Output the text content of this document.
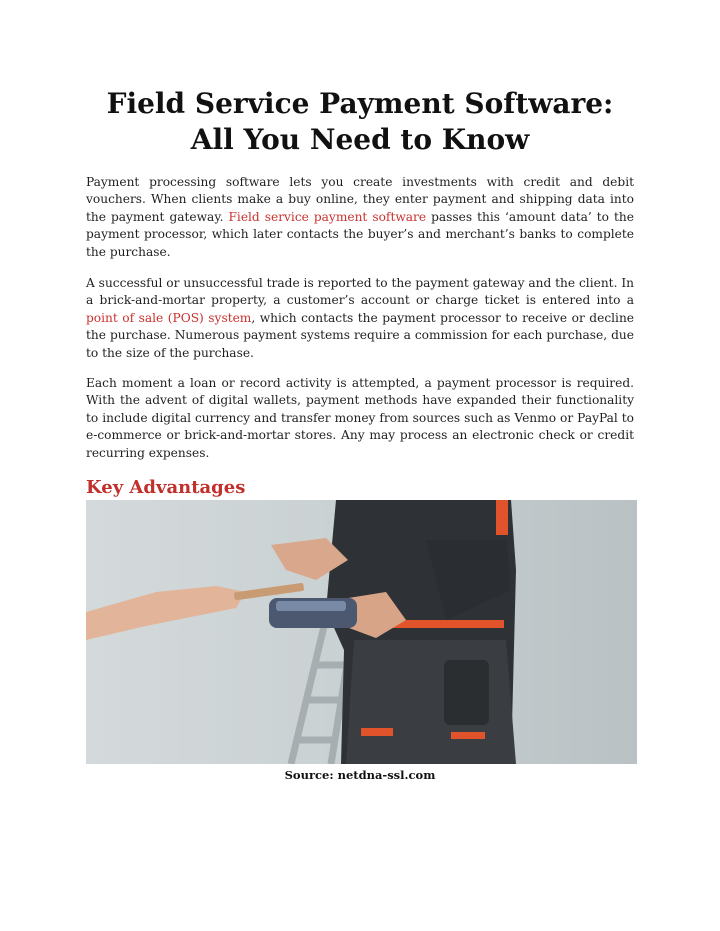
Field Service Payment Software:
All You Need to Know
Payment processing software lets you create investments with credit and debit vouchers. When clients make a buy online, they enter payment and shipping data into the payment gateway. Field service payment software passes this ‘amount data’ to the payment processor, which later contacts the buyer’s and merchant’s banks to complete the purchase.
A successful or unsuccessful trade is reported to the payment gateway and the client. In a brick-and-mortar property, a customer’s account or charge ticket is entered into a point of sale (POS) system, which contacts the payment processor to receive or decline the purchase. Numerous payment systems require a commission for each purchase, due to the size of the purchase.
Each moment a loan or record activity is attempted, a payment processor is required. With the advent of digital wallets, payment methods have expanded their functionality to include digital currency and transfer money from sources such as Venmo or PayPal to e-commerce or brick-and-mortar stores. Any may process an electronic check or credit recurring expenses.
Key Advantages
Source: netdna-ssl.com
